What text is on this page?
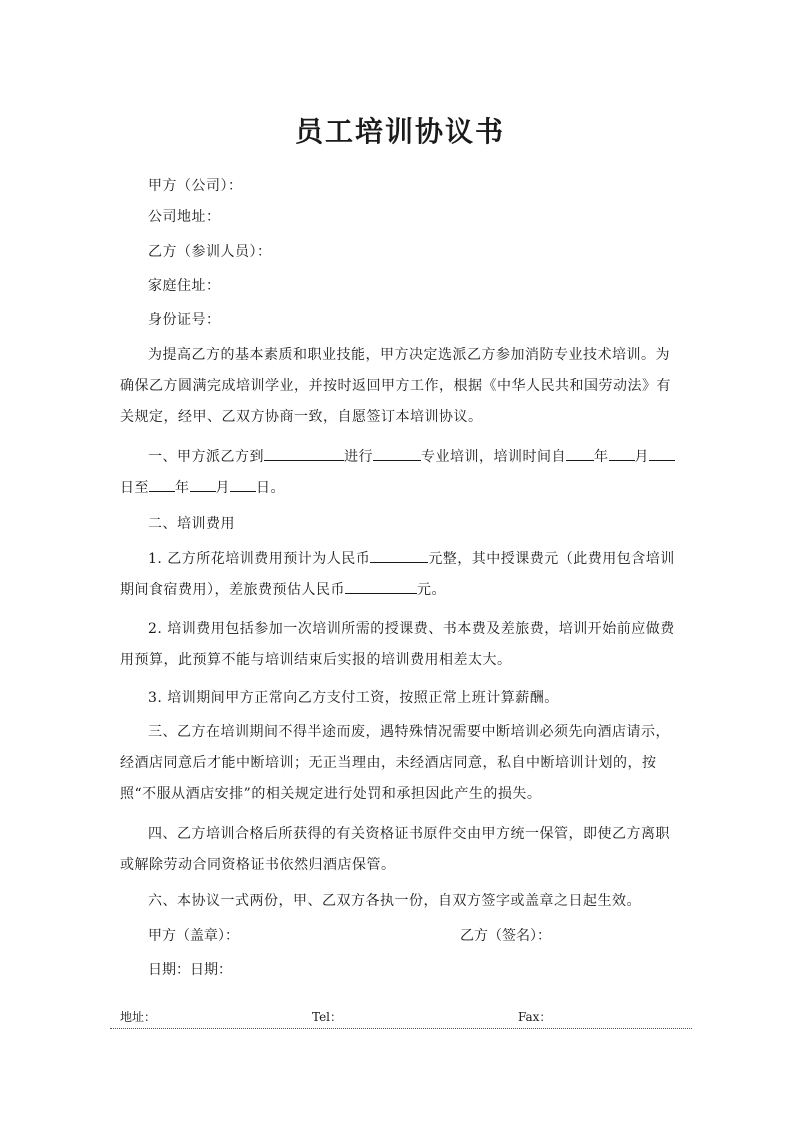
员工培训协议书

甲方（公司）：

公司地址：

乙方（参训人员）：

家庭住址：

身份证号：

为提高乙方的基本素质和职业技能，甲方决定选派乙方参加消防专业技术培训。为确保乙方圆满完成培训学业，并按时返回甲方工作，根据《中华人民共和国劳动法》有关规定，经甲、乙双方协商一致，自愿签订本培训协议。

一、甲方派乙方到	进行	专业培训，培训时间自 年 月日至 年 月 日。

二、培训费用

1. 乙方所花培训费用预计为人民币	元整，其中授课费元（此费用包含培训期间食宿费用），差旅费预估人民币	元。

2. 培训费用包括参加一次培训所需的授课费、书本费及差旅费，培训开始前应做费用预算，此预算不能与培训结束后实报的培训费用相差太大。

3. 培训期间甲方正常向乙方支付工资，按照正常上班计算薪酬。

三、乙方在培训期间不得半途而废，遇特殊情况需要中断培训必须先向酒店请示，经酒店同意后才能中断培训；无正当理由，未经酒店同意，私自中断培训计划的，按照“不服从酒店安排”的相关规定进行处罚和承担因此产生的损失。

四、乙方培训合格后所获得的有关资格证书原件交由甲方统一保管，即使乙方离职或解除劳动合同资格证书依然归酒店保管。

六、本协议一式两份，甲、乙双方各执一份，自双方签字或盖章之日起生效。

甲方（盖章）：	乙方（签名）：
日期：日期：
地址：	Tel：	Fax：
